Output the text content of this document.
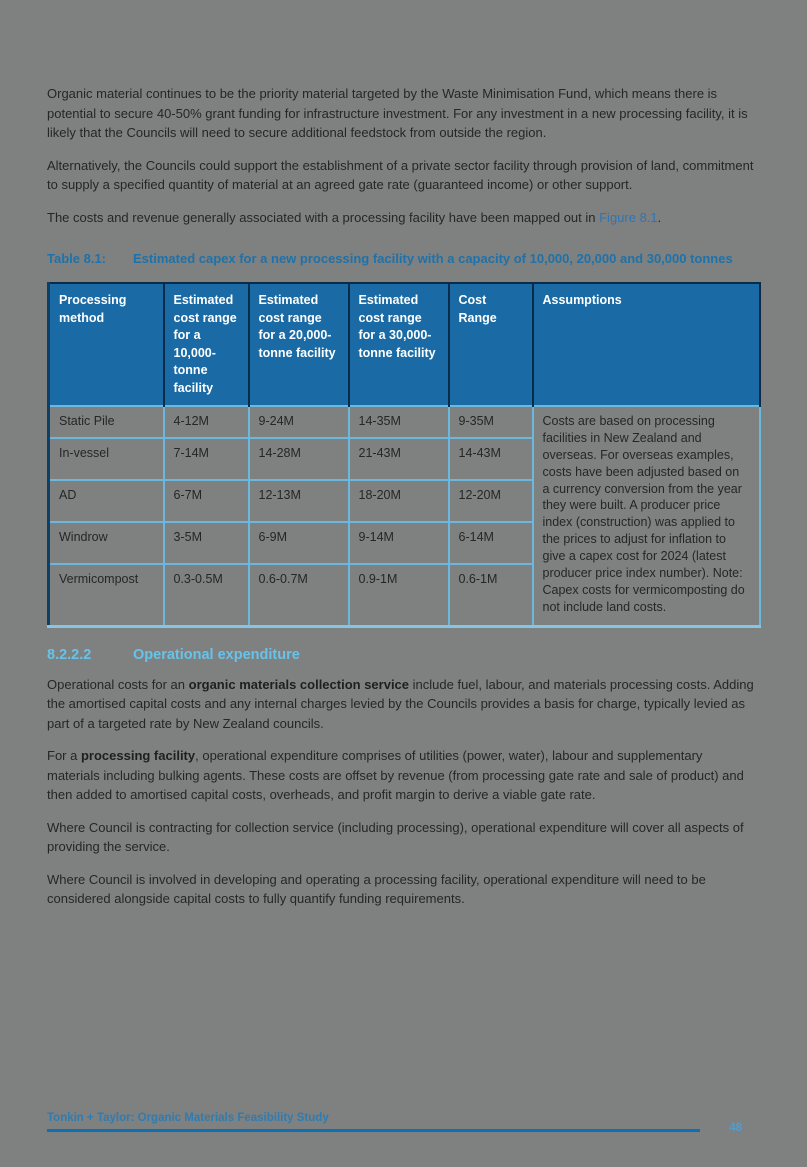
Organic material continues to be the priority material targeted by the Waste Minimisation Fund, which means there is potential to secure 40-50% grant funding for infrastructure investment. For any investment in a new processing facility, it is likely that the Councils will need to secure additional feedstock from outside the region.

Alternatively, the Councils could support the establishment of a private sector facility through provision of land, commitment to supply a specified quantity of material at an agreed gate rate (guaranteed income) or other support.

The costs and revenue generally associated with a processing facility have been mapped out in Figure 8.1.

Table 8.1: Estimated capex for a new processing facility with a capacity of 10,000, 20,000 and 30,000 tonnes

Processing method	Estimated cost range for a 10,000-tonne facility	Estimated cost range for a 20,000-tonne facility	Estimated cost range for a 30,000-tonne facility	Cost Range	Assumptions
Static Pile	4-12M	9-24M	14-35M	9-35M	Costs are based on processing facilities in New Zealand and overseas. For overseas examples, costs have been adjusted based on a currency conversion from the year they were built. A producer price index (construction) was applied to the prices to adjust for inflation to give a capex cost for 2024 (latest producer price index number). Note: Capex costs for vermicomposting do not include land costs.
In-vessel	7-14M	14-28M	21-43M	14-43M	
AD	6-7M	12-13M	18-20M	12-20M	
Windrow	3-5M	6-9M	9-14M	6-14M	
Vermicompost	0.3-0.5M	0.6-0.7M	0.9-1M	0.6-1M	
8.2.2.2	Operational expenditure

Operational costs for an organic materials collection service include fuel, labour, and materials processing costs. Adding the amortised capital costs and any internal charges levied by the Councils provides a basis for charge, typically levied as part of a targeted rate by New Zealand councils.

For a processing facility, operational expenditure comprises of utilities (power, water), labour and supplementary materials including bulking agents. These costs are offset by revenue (from processing gate rate and sale of product) and then added to amortised capital costs, overheads, and profit margin to derive a viable gate rate.

Where Council is contracting for collection service (including processing), operational expenditure will cover all aspects of providing the service.

Where Council is involved in developing and operating a processing facility, operational expenditure will need to be considered alongside capital costs to fully quantify funding requirements.

Tonkin + Taylor: Organic Materials Feasibility Study
48
